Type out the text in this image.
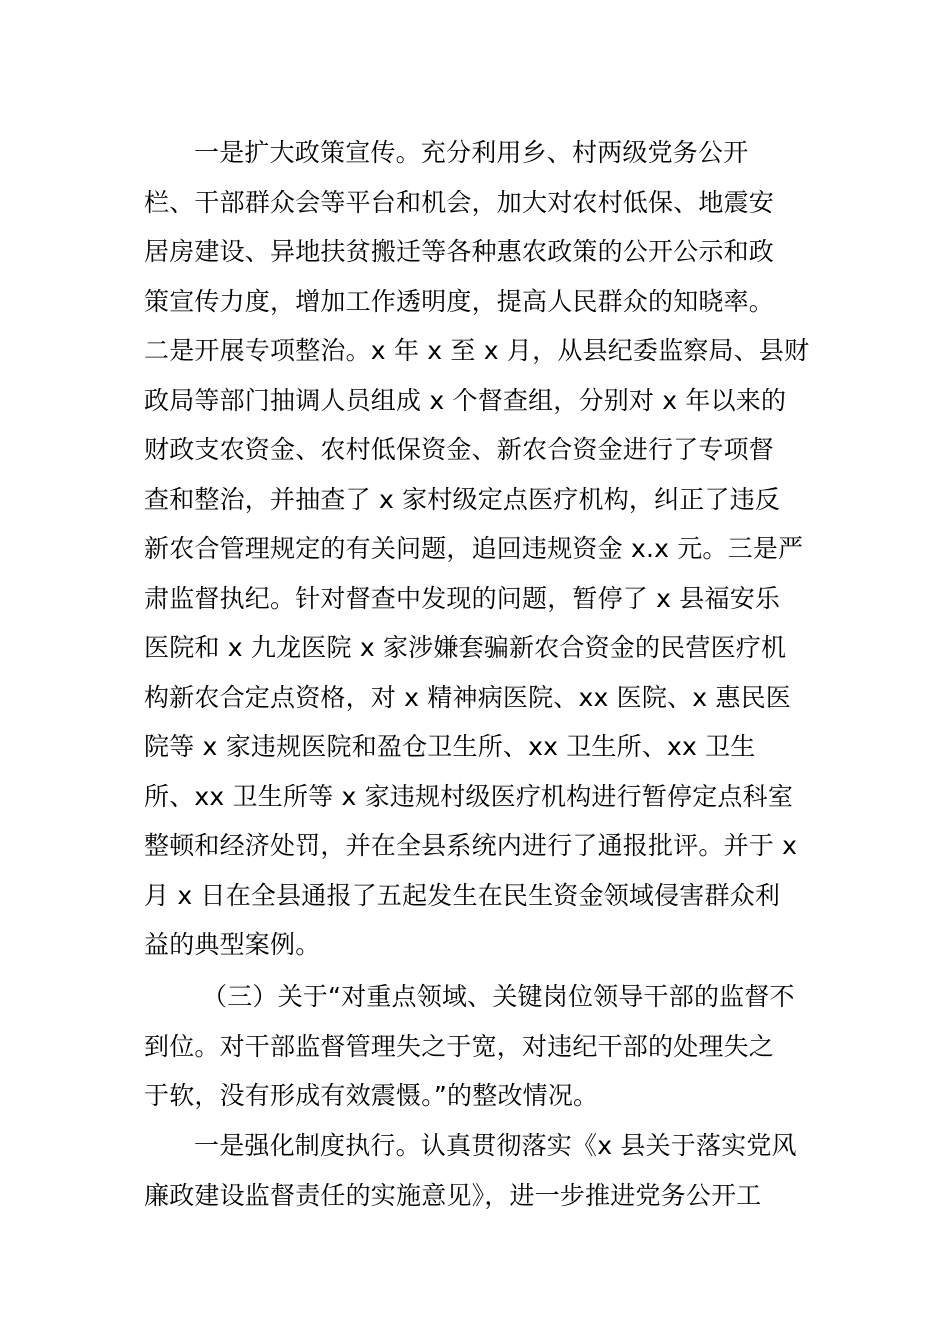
一是扩大政策宣传。充分利用乡、村两级党务公开
栏、干部群众会等平台和机会，加大对农村低保、地震安
居房建设、异地扶贫搬迁等各种惠农政策的公开公示和政
策宣传力度，增加工作透明度，提高人民群众的知晓率。
二是开展专项整治。x 年 x 至 x 月，从县纪委监察局、县财
政局等部门抽调人员组成 x 个督查组，分别对 x 年以来的
财政支农资金、农村低保资金、新农合资金进行了专项督
查和整治，并抽查了 x 家村级定点医疗机构，纠正了违反
新农合管理规定的有关问题，追回违规资金 x.x 元。三是严
肃监督执纪。针对督查中发现的问题，暂停了 x 县福安乐
医院和 x 九龙医院 x 家涉嫌套骗新农合资金的民营医疗机
构新农合定点资格，对 x 精神病医院、xx 医院、x 惠民医
院等 x 家违规医院和盈仓卫生所、xx 卫生所、xx 卫生
所、xx 卫生所等 x 家违规村级医疗机构进行暂停定点科室
整顿和经济处罚，并在全县系统内进行了通报批评。并于 x
月 x 日在全县通报了五起发生在民生资金领域侵害群众利
益的典型案例。
（三）关于“对重点领域、关键岗位领导干部的监督不
到位。对干部监督管理失之于宽，对违纪干部的处理失之
于软，没有形成有效震慑。”的整改情况。
一是强化制度执行。认真贯彻落实《x 县关于落实党风
廉政建设监督责任的实施意见》，进一步推进党务公开工
